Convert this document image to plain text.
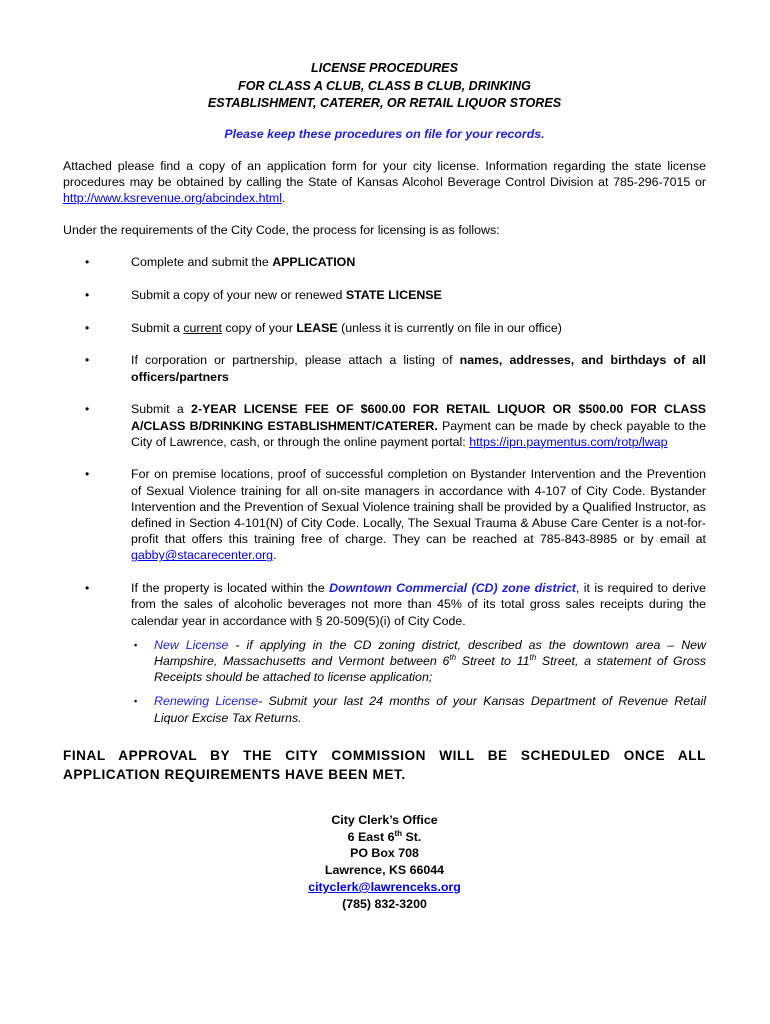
LICENSE PROCEDURES
FOR CLASS A CLUB, CLASS B CLUB, DRINKING
ESTABLISHMENT, CATERER, OR RETAIL LIQUOR STORES
Please keep these procedures on file for your records.

Attached please find a copy of an application form for your city license. Information regarding the state license procedures may be obtained by calling the State of Kansas Alcohol Beverage Control Division at 785-296-7015 or http://www.ksrevenue.org/abcindex.html.

Under the requirements of the City Code, the process for licensing is as follows:

•	Complete and submit the APPLICATION
•	Submit a copy of your new or renewed STATE LICENSE
•	Submit a current copy of your LEASE (unless it is currently on file in our office)
•	If corporation or partnership, please attach a listing of names, addresses, and birthdays of all officers/partners
•	Submit a 2-YEAR LICENSE FEE OF $600.00 FOR RETAIL LIQUOR OR $500.00 FOR CLASS A/CLASS B/DRINKING ESTABLISHMENT/CATERER. Payment can be made by check payable to the City of Lawrence, cash, or through the online payment portal: https://ipn.paymentus.com/rotp/lwap
•	For on premise locations, proof of successful completion on Bystander Intervention and the Prevention of Sexual Violence training for all on-site managers in accordance with 4-107 of City Code. Bystander Intervention and the Prevention of Sexual Violence training shall be provided by a Qualified Instructor, as defined in Section 4-101(N) of City Code. Locally, The Sexual Trauma & Abuse Care Center is a not-for-profit that offers this training free of charge. They can be reached at 785-843-8985 or by email at gabby@stacarecenter.org.
•	If the property is located within the Downtown Commercial (CD) zone district, it is required to derive from the sales of alcoholic beverages not more than 45% of its total gross sales receipts during the calendar year in accordance with § 20-509(5)(i) of City Code.
▪ New License - if applying in the CD zoning district, described as the downtown area – New Hampshire, Massachusetts and Vermont between 6th Street to 11th Street, a statement of Gross Receipts should be attached to license application;
▪ Renewing License- Submit your last 24 months of your Kansas Department of Revenue Retail Liquor Excise Tax Returns.
FINAL APPROVAL BY THE CITY COMMISSION WILL BE SCHEDULED ONCE ALL APPLICATION REQUIREMENTS HAVE BEEN MET.
City Clerk’s Office
6 East 6th St.
PO Box 708
Lawrence, KS 66044
cityclerk@lawrenceks.org
(785) 832-3200
